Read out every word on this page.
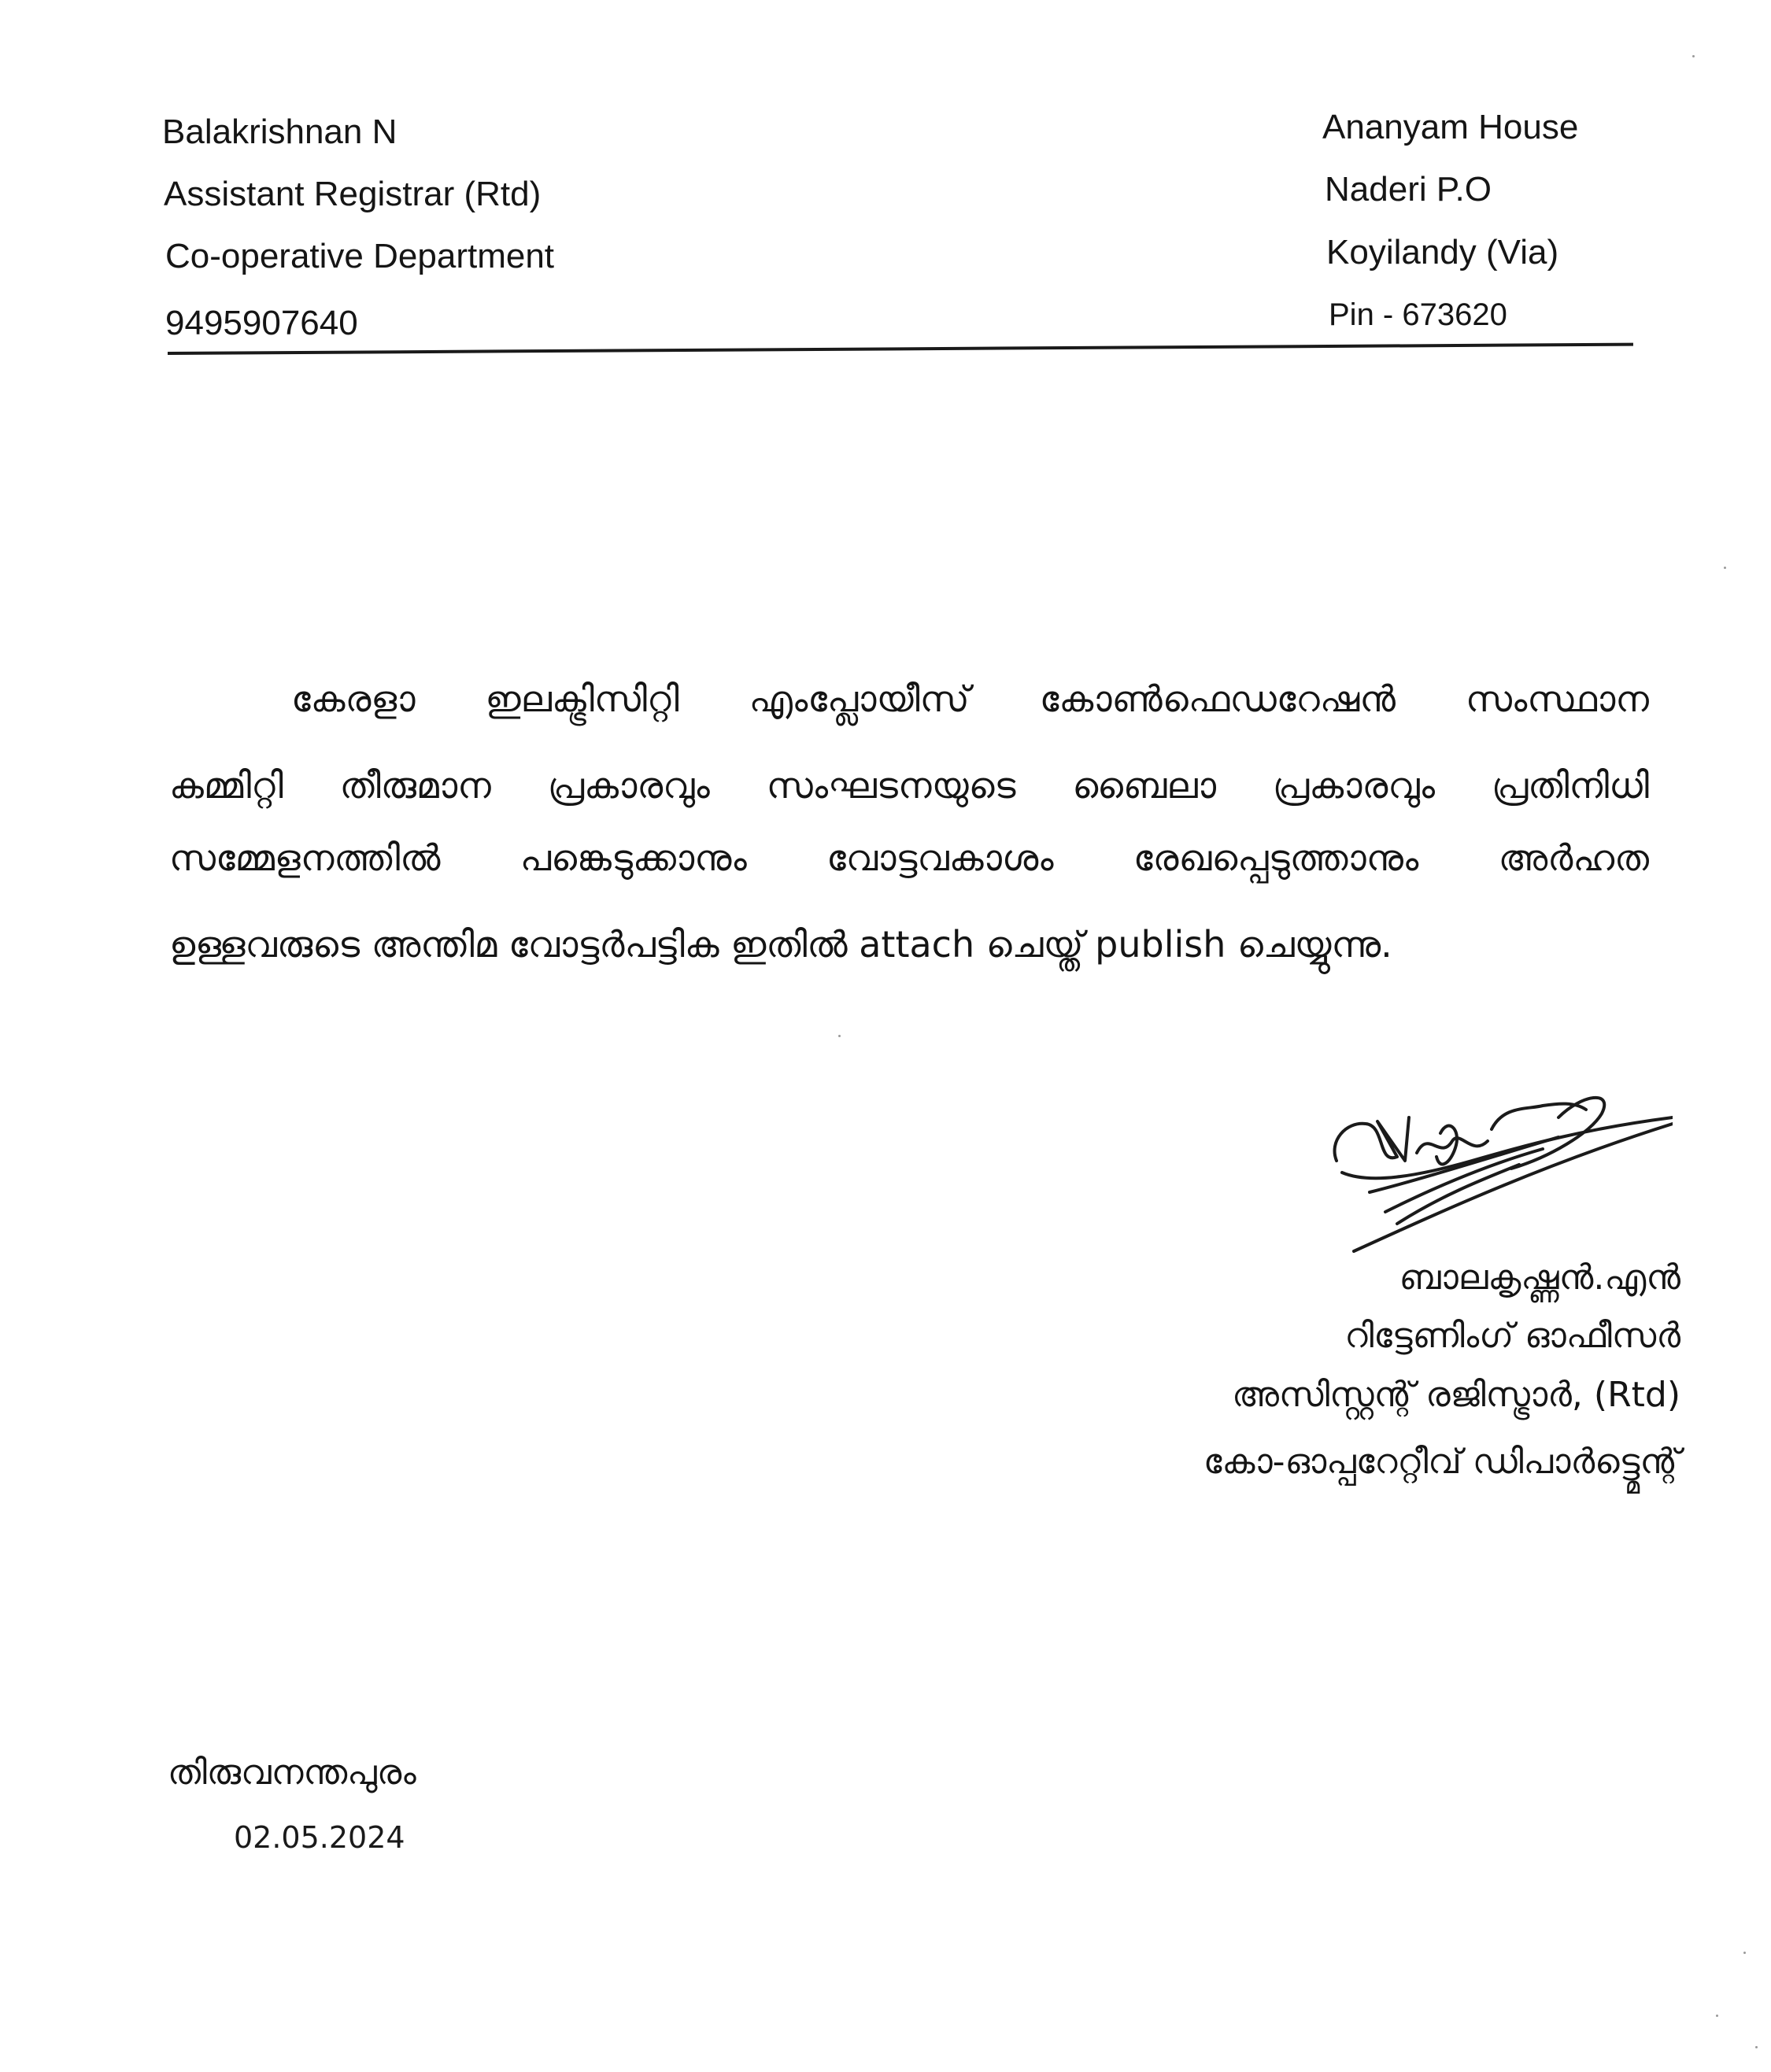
Balakrishnan N
Assistant Registrar (Rtd)
Co-operative Department
9495907640
Ananyam House
Naderi P.O
Koyilandy (Via)
Pin - 673620
കേരളാ ഇലക്ട്രിസിറ്റി എംപ്ലോയീസ് കോൺഫെഡറേഷൻ സംസ്ഥാന
കമ്മിറ്റി തീരുമാന പ്രകാരവും സംഘടനയുടെ ബൈലാ പ്രകാരവും പ്രതിനിധി
സമ്മേളനത്തിൽ പങ്കെടുക്കാനും വോട്ടവകാശം രേഖപ്പെടുത്താനും അർഹത
ഉള്ളവരുടെ അന്തിമ വോട്ടർപട്ടിക ഇതിൽ attach ചെയ്ത് publish ചെയ്യുന്നു.
ബാലകൃഷ്ണൻ.എൻ
റിട്ടേണിംഗ് ഓഫീസർ
അസിസ്റ്റന്റ് രജിസ്ട്രാർ, (Rtd)
കോ-ഓപ്പറേറ്റീവ് ഡിപാർട്ട്മെന്റ്
തിരുവനന്തപുരം
02.05.2024
